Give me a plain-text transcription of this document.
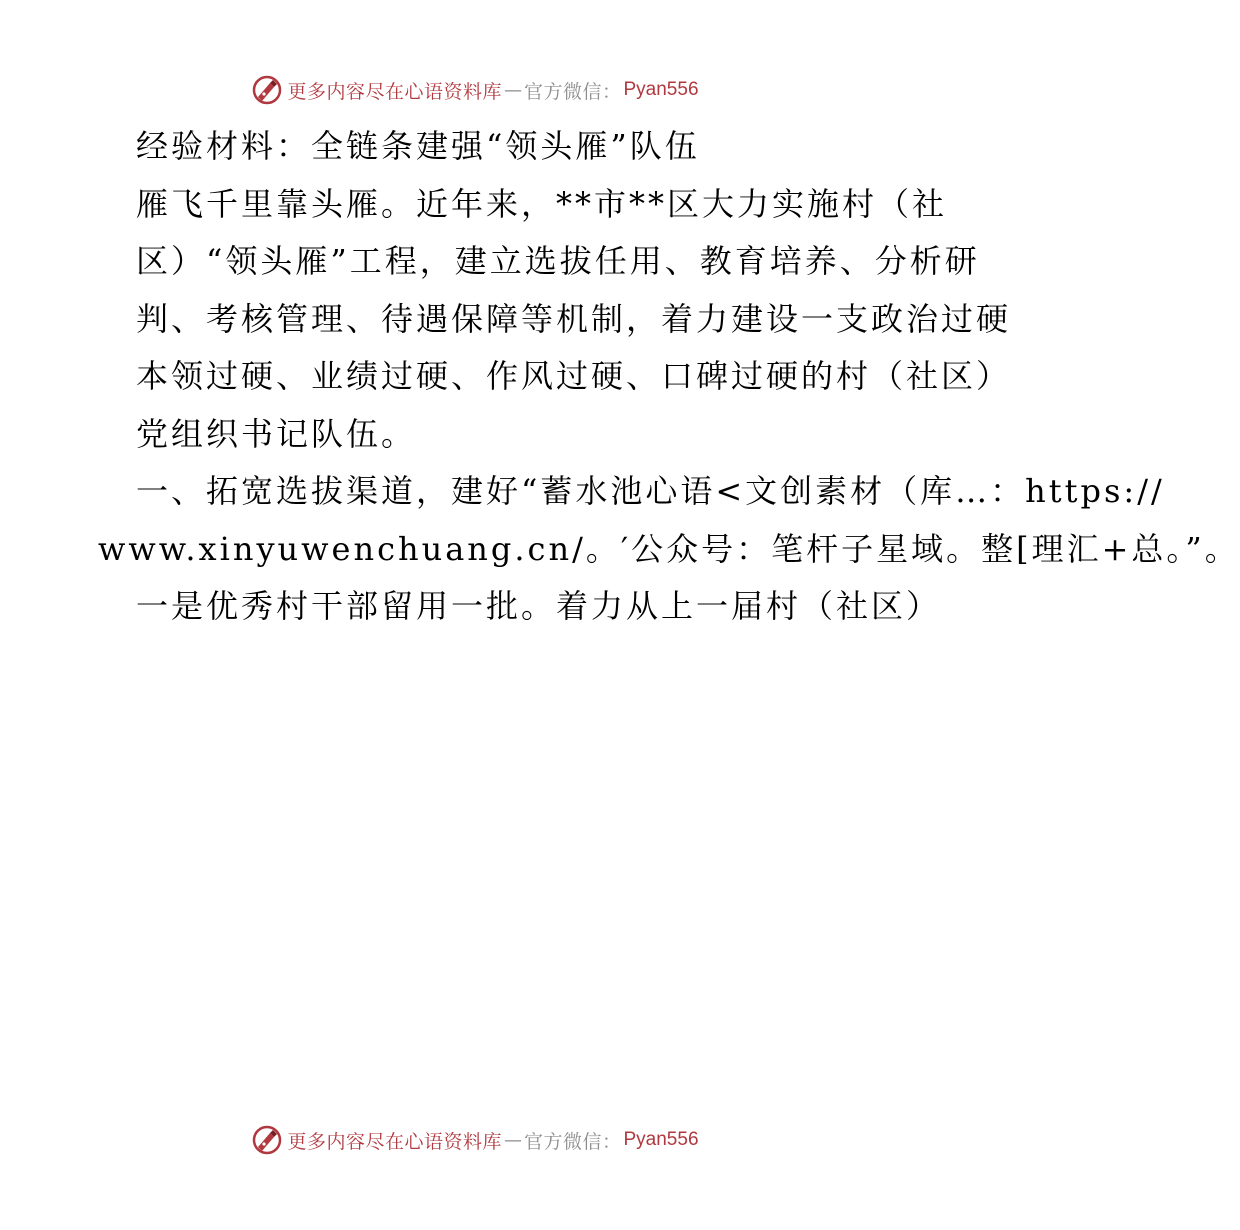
更多内容尽在心语资料库 — 官方微信： Pyan556
经验材料：全链条建强“领头雁”队伍
雁飞千里靠头雁。近年来，**市**区大力实施村（社
区）“领头雁”工程，建立选拔任用、教育培养、分析研
判、考核管理、待遇保障等机制，着力建设一支政治过硬
本领过硬、业绩过硬、作风过硬、口碑过硬的村（社区）
党组织书记队伍。
一、拓宽选拔渠道，建好“蓄水池心语<文创素材（库…：https://
www.xinyuwenchuang.cn/。′公众号：笔杆子星域。整[理汇+总。”。
一是优秀村干部留用一批。着力从上一届村（社区）
更多内容尽在心语资料库 — 官方微信： Pyan556
